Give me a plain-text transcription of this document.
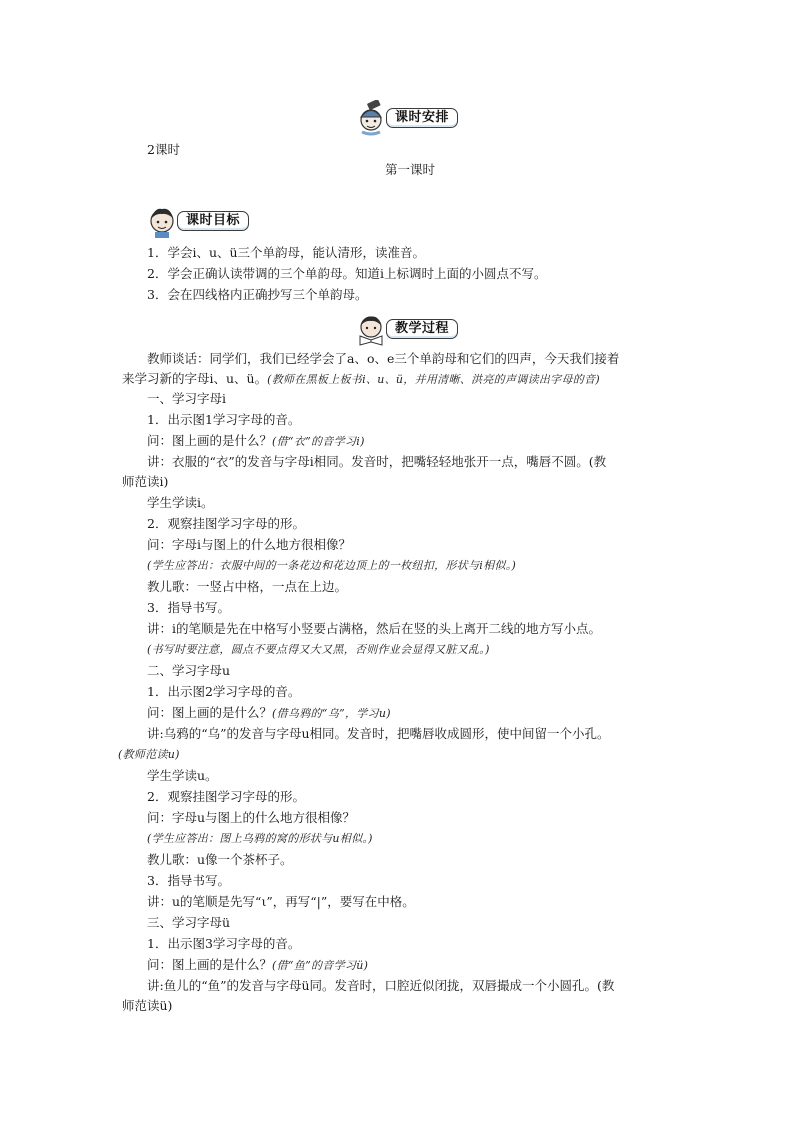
课时安排
2课时
第一课时
课时目标
1．学会i、u、ü三个单韵母，能认清形，读准音。
2．学会正确认读带调的三个单韵母。知道i上标调时上面的小圆点不写。
3．会在四线格内正确抄写三个单韵母。
教学过程
教师谈话：同学们，我们已经学会了a、o、e三个单韵母和它们的四声，今天我们接着
来学习新的字母i、u、ü。(教师在黑板上板书i、u、ü，并用清晰、洪亮的声调读出字母的音)
一、学习字母i
1．出示图1学习字母的音。
问：图上画的是什么？(借“衣”的音学习i)
讲：衣服的“衣”的发音与字母i相同。发音时，把嘴轻轻地张开一点，嘴唇不圆。(教
师范读i)
学生学读i。
2．观察挂图学习字母的形。
问：字母i与图上的什么地方很相像？
(学生应答出：衣服中间的一条花边和花边顶上的一枚纽扣，形状与i相似。)
教儿歌：一竖占中格，一点在上边。
3．指导书写。
讲：i的笔顺是先在中格写小竖要占满格，然后在竖的头上离开二线的地方写小点。
(书写时要注意，圆点不要点得又大又黑，否则作业会显得又脏又乱。)
二、学习字母u
1．出示图2学习字母的音。
问：图上画的是什么？(借乌鸦的“乌”，学习u)
讲:乌鸦的“乌”的发音与字母u相同。发音时，把嘴唇收成圆形，使中间留一个小孔。
(教师范读u)
学生学读u。
2．观察挂图学习字母的形。
问：字母u与图上的什么地方很相像？
(学生应答出：图上乌鸦的窝的形状与u相似。)
教儿歌：u像一个茶杯子。
3．指导书写。
讲：u的笔顺是先写“ι”，再写“|”，要写在中格。
三、学习字母ü
1．出示图3学习字母的音。
问：图上画的是什么？(借“鱼”的音学习ü)
讲:鱼儿的“鱼”的发音与字母ü同。发音时，口腔近似闭拢，双唇撮成一个小圆孔。(教
师范读ü)
